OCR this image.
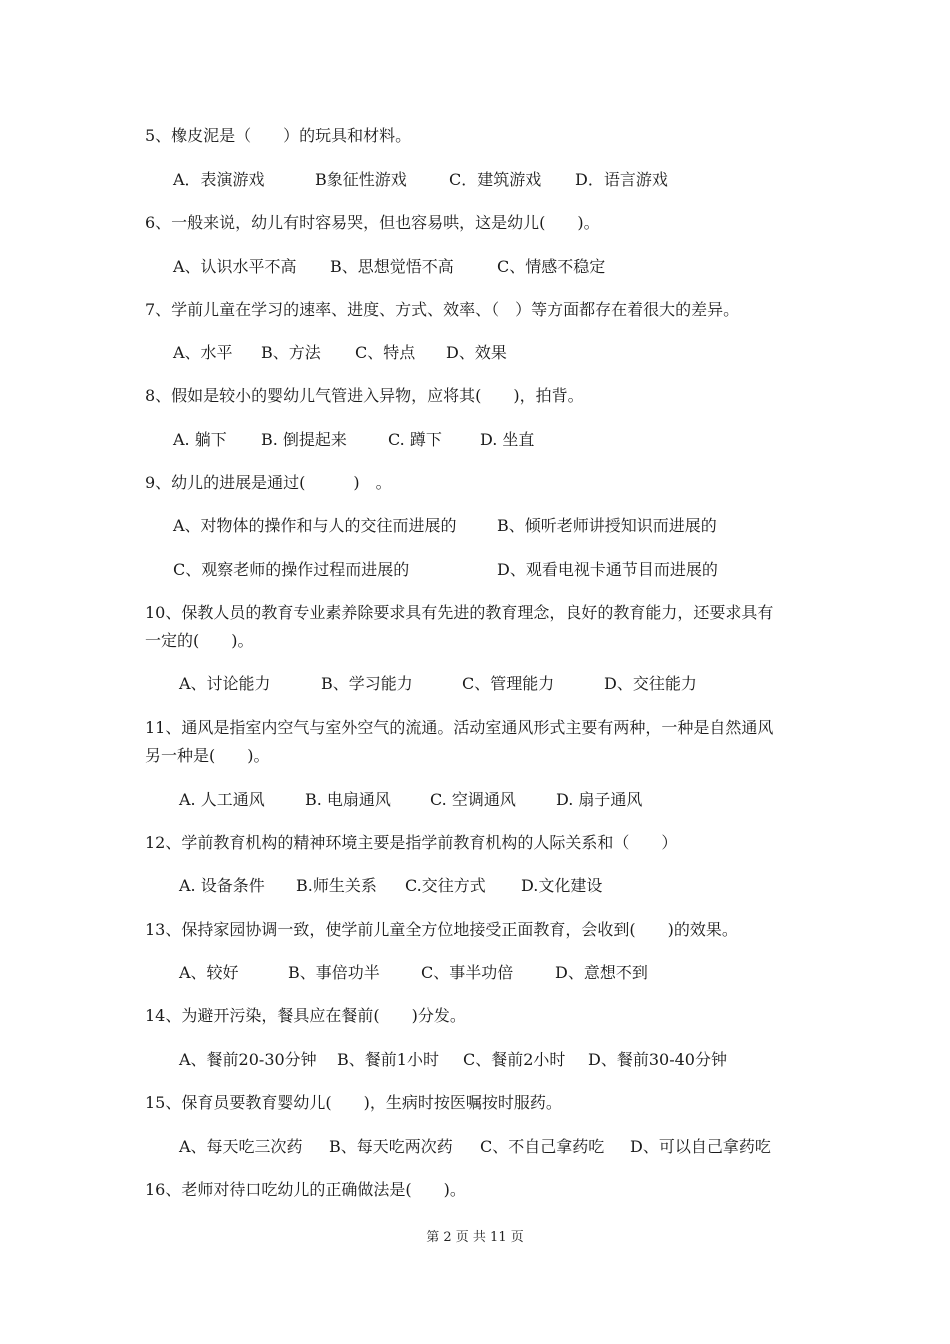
5、橡皮泥是（　　）的玩具和材料。
A．表演游戏	B象征性游戏	C．建筑游戏 D．语言游戏
6、一般来说，幼儿有时容易哭，但也容易哄，这是幼儿(　　)。
A、认识水平不高 B、思想觉悟不高	C、情感不稳定
7、学前儿童在学习的速率、进度、方式、效率、（　）等方面都存在着很大的差异。
A、水平 B、方法 C、特点 D、效果
8、假如是较小的婴幼儿气管进入异物，应将其(　　)，拍背。
A. 躺下 B. 倒提起来	C. 蹲下 D. 坐直
9、幼儿的进展是通过(　　　)　。
A、对物体的操作和与人的交往而进展的	B、倾听老师讲授知识而进展的
C、观察老师的操作过程而进展的	D、观看电视卡通节目而进展的
10、保教人员的教育专业素养除要求具有先进的教育理念，良好的教育能力，还要求具有
一定的(　　)。
A、讨论能力	B、学习能力	C、管理能力	D、交往能力
11、通风是指室内空气与室外空气的流通。活动室通风形式主要有两种，一种是自然通风
另一种是(　　)。
A. 人工通风	B. 电扇通风 C. 空调通风	D. 扇子通风
12、学前教育机构的精神环境主要是指学前教育机构的人际关系和（　　）
A. 设备条件 B.师生关系 C.交往方式 D.文化建设
13、保持家园协调一致，使学前儿童全方位地接受正面教育，会收到(　　)的效果。
A、较好	B、事倍功半	C、事半功倍	D、意想不到
14、为避开污染，餐具应在餐前(　　)分发。
A、餐前20-30分钟 B、餐前1小时 C、餐前2小时 D、餐前30-40分钟
15、保育员要教育婴幼儿(　　)，生病时按医嘱按时服药。
A、每天吃三次药 B、每天吃两次药 C、不自己拿药吃 D、可以自己拿药吃
16、老师对待口吃幼儿的正确做法是(　　)。
第 2 页 共 11 页
